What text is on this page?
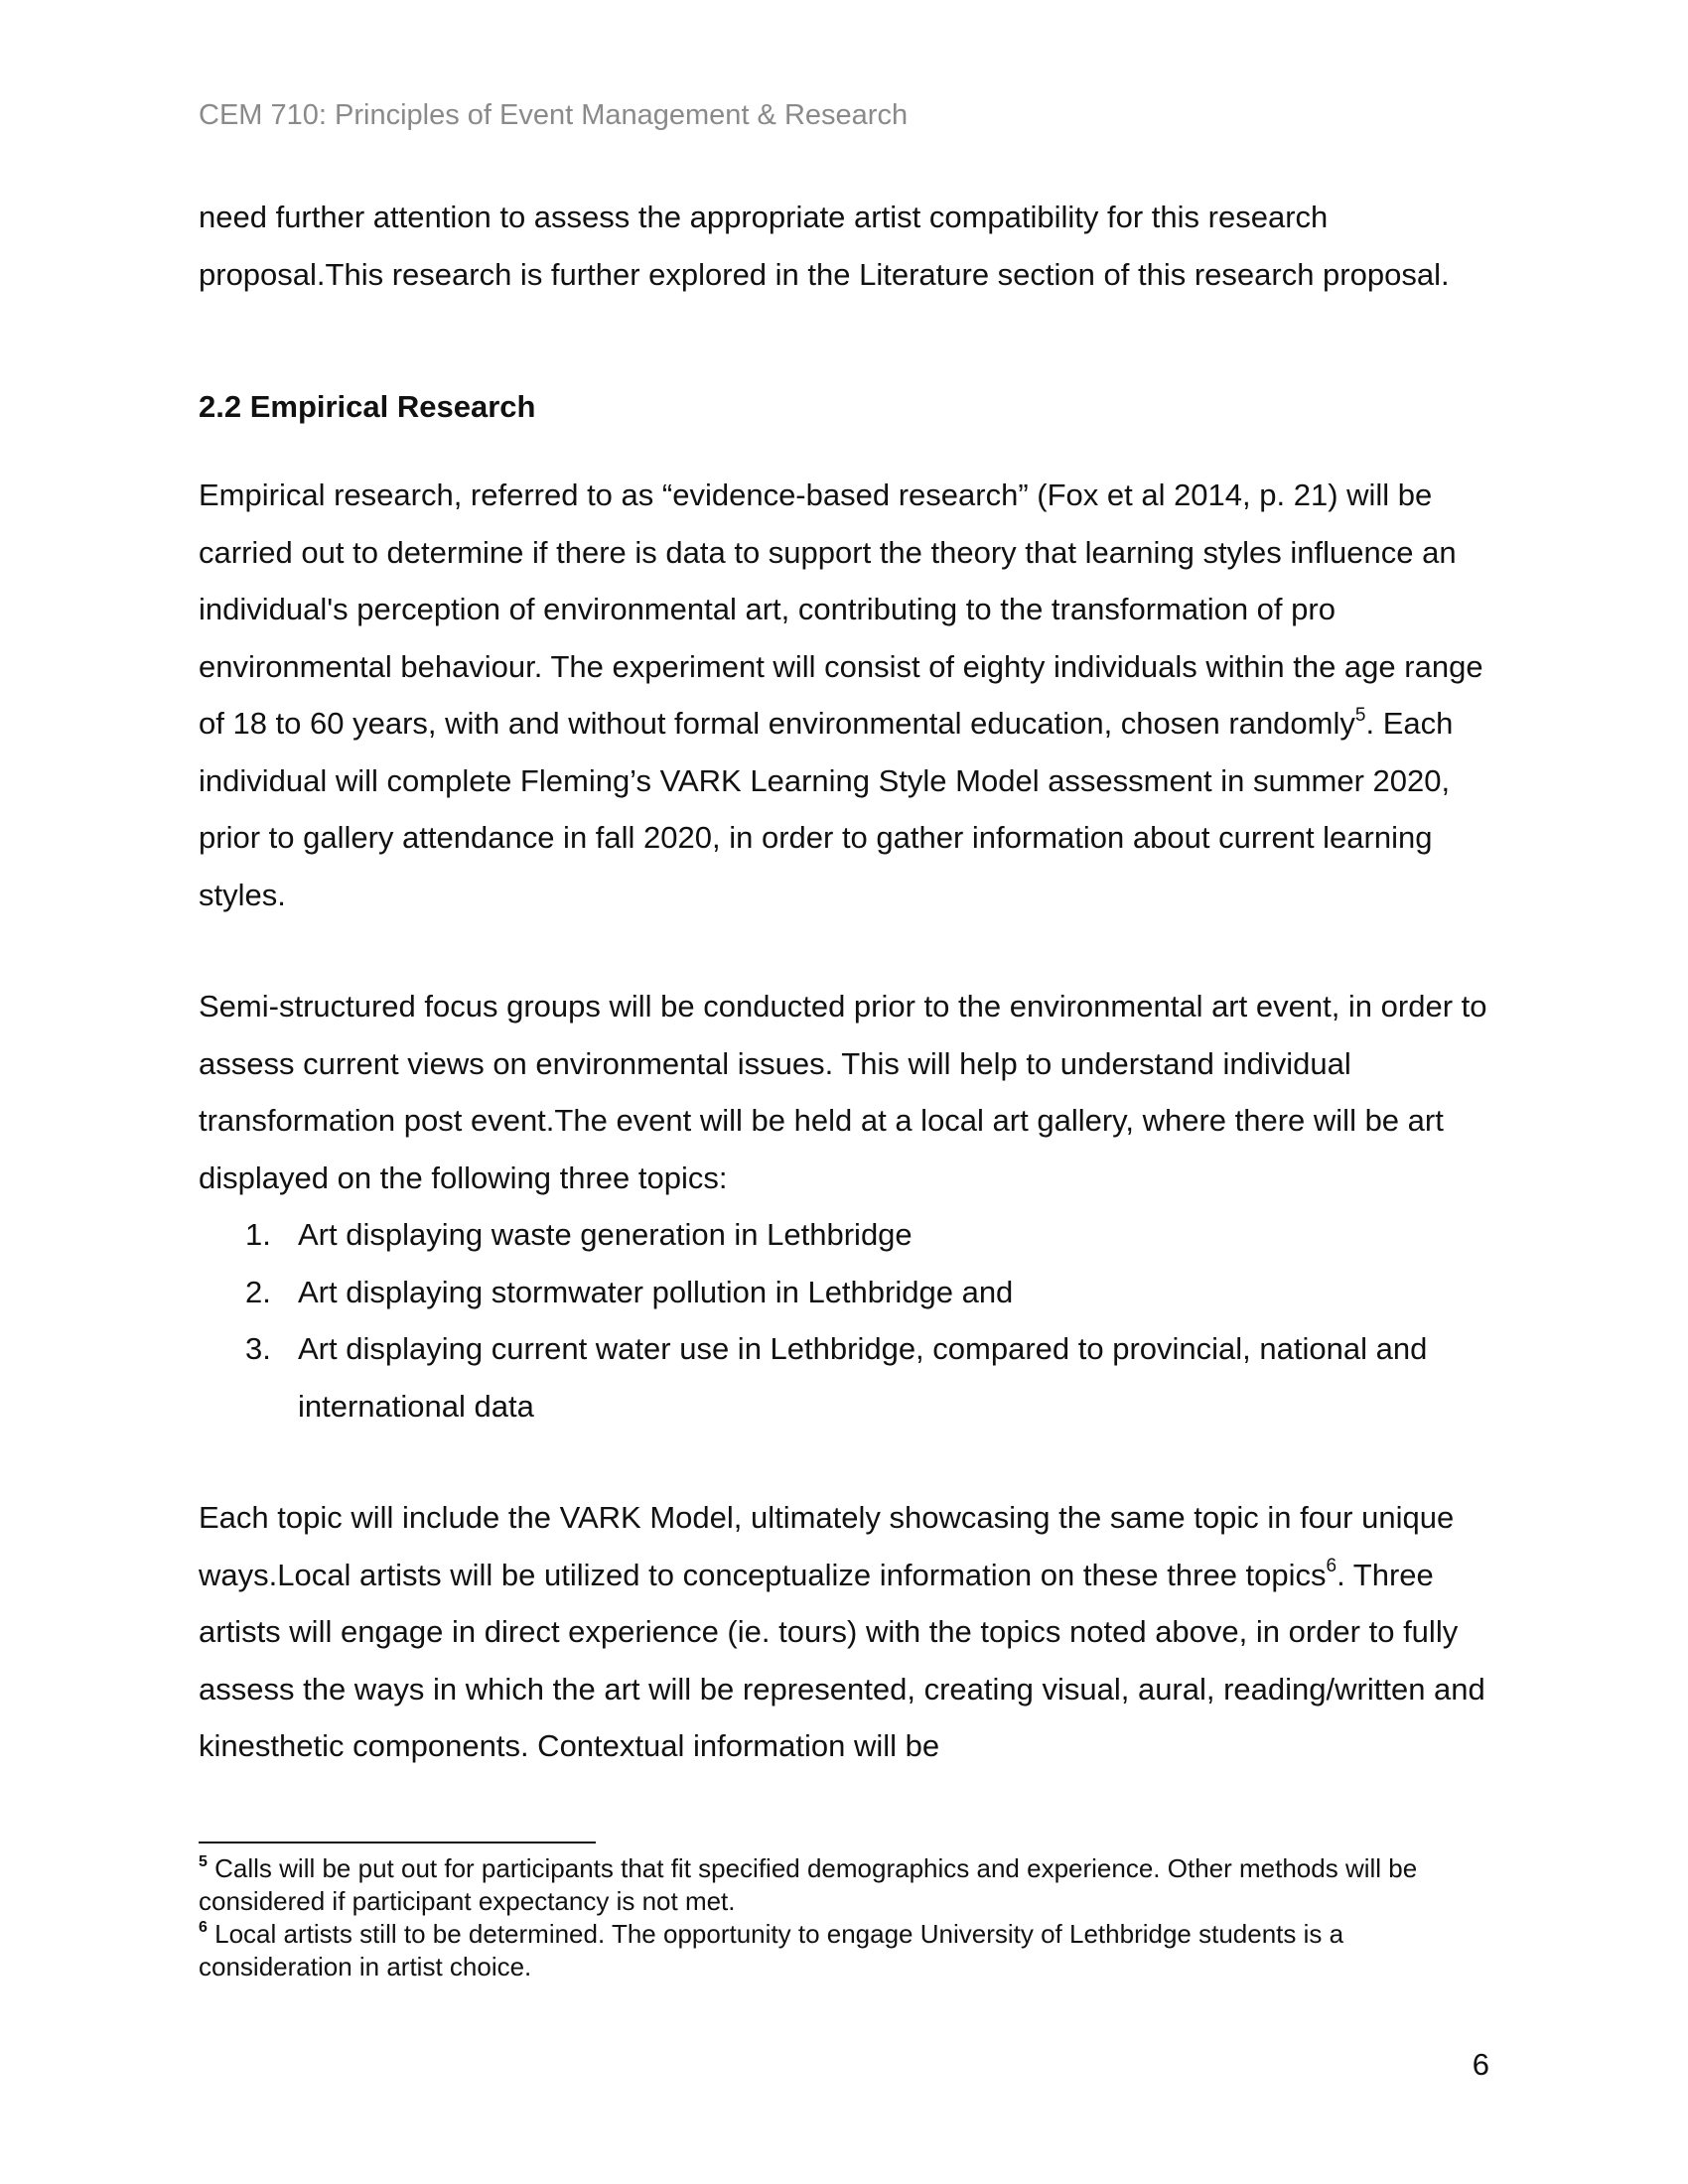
CEM 710: Principles of Event Management & Research

need further attention to assess the appropriate artist compatibility for this research proposal.This research is further explored in the Literature section of this research proposal.

2.2 Empirical Research

Empirical research, referred to as “evidence-based research” (Fox et al 2014, p. 21) will be carried out to determine if there is data to support the theory that learning styles influence an individual's perception of environmental art, contributing to the transformation of pro environmental behaviour. The experiment will consist of eighty individuals within the age range of 18 to 60 years, with and without formal environmental education, chosen randomly$^5$. Each individual will complete Fleming’s VARK Learning Style Model assessment in summer 2020, prior to gallery attendance in fall 2020, in order to gather information about current learning styles.

Semi-structured focus groups will be conducted prior to the environmental art event, in order to assess current views on environmental issues. This will help to understand individual transformation post event.The event will be held at a local art gallery, where there will be art displayed on the following three topics:

1. Art displaying waste generation in Lethbridge
2. Art displaying stormwater pollution in Lethbridge and
3. Art displaying current water use in Lethbridge, compared to provincial, national and international data

Each topic will include the VARK Model, ultimately showcasing the same topic in four unique ways.Local artists will be utilized to conceptualize information on these three topics$^6$. Three artists will engage in direct experience (ie. tours) with the topics noted above, in order to fully assess the ways in which the art will be represented, creating visual, aural, reading/written and kinesthetic components. Contextual information will be

$^5$ Calls will be put out for participants that fit specified demographics and experience. Other methods will be considered if participant expectancy is not met.

$^6$ Local artists still to be determined. The opportunity to engage University of Lethbridge students is a consideration in artist choice.

6
